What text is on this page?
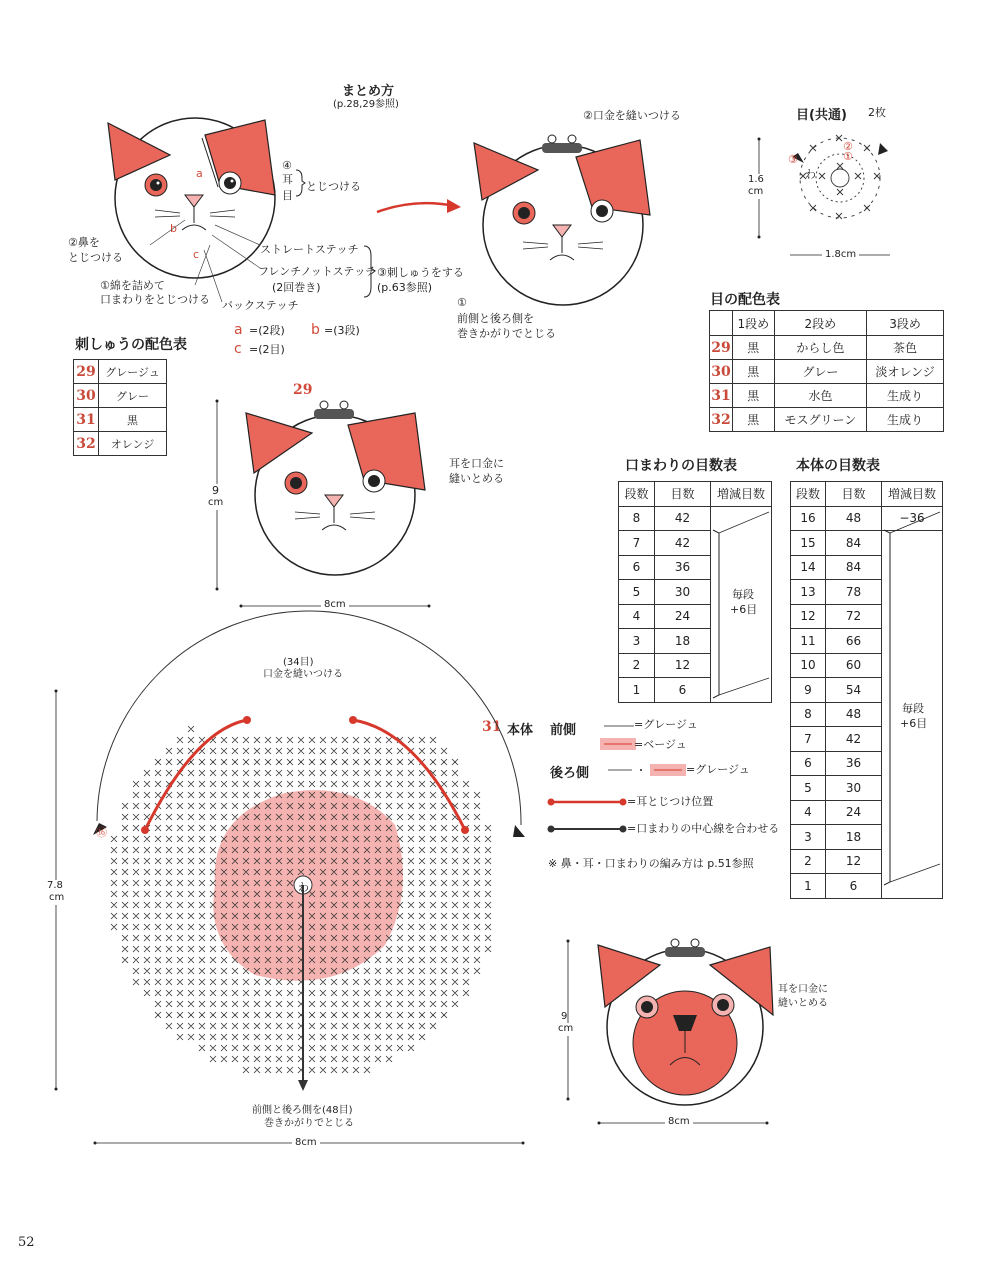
まとめ方
(p.28,29参照)
a
b
c
④
耳
目
とじつける
②鼻を
とじつける
①綿を詰めて
口まわりをとじつける
ストレートステッチ
フレンチノットステッチ
(2回巻き)
バックステッチ
③刺しゅうをする
(p.63参照)
a =(2段) b =(3段)
c =(2目)
②口金を縫いつける
①
前側と後ろ側を
巻きかがりでとじる
目(共通) 2枚
わ
①
②
③
1.6
cm
1.8cm
目の配色表
	1段め	2段め	3段め
29	黒	からし色	茶色
30	黒	グレー	淡オレンジ
31	黒	水色	生成り
32	黒	モスグリーン	生成り
刺しゅうの配色表
29	グレージュ
30	グレー
31	黒
32	オレンジ
29
耳を口金に
縫いとめる
9
cm
8cm
口まわりの目数表
段数	目数	増減目数
8	42	
7	42	
6	36	
5	30	
4	24	
3	18	
2	12	
1	6	
毎段
+6目
本体の目数表
段数	目数	増減目数
16	48	−36
15	84	
14	84	
13	78	
12	72	
11	66	
10	60	
9	54	
8	48	
7	42	
6	36	
5	30	
4	24	
3	18	
2	12	
1	6	
毎段
+6目
31 本体 前側	=グレージュ
=ベージュ
後ろ側	=グレージュ
=耳とじつけ位置
=口まわりの中心線を合わせる
※ 鼻・耳・口まわりの編み方は p.51参照
(34目)
口金を縫いつける
⑯
わ
前側と後ろ側を(48目)
巻きかがりでとじる
7.8
cm
8cm
耳を口金に
縫いとめる
9
cm
8cm
52
